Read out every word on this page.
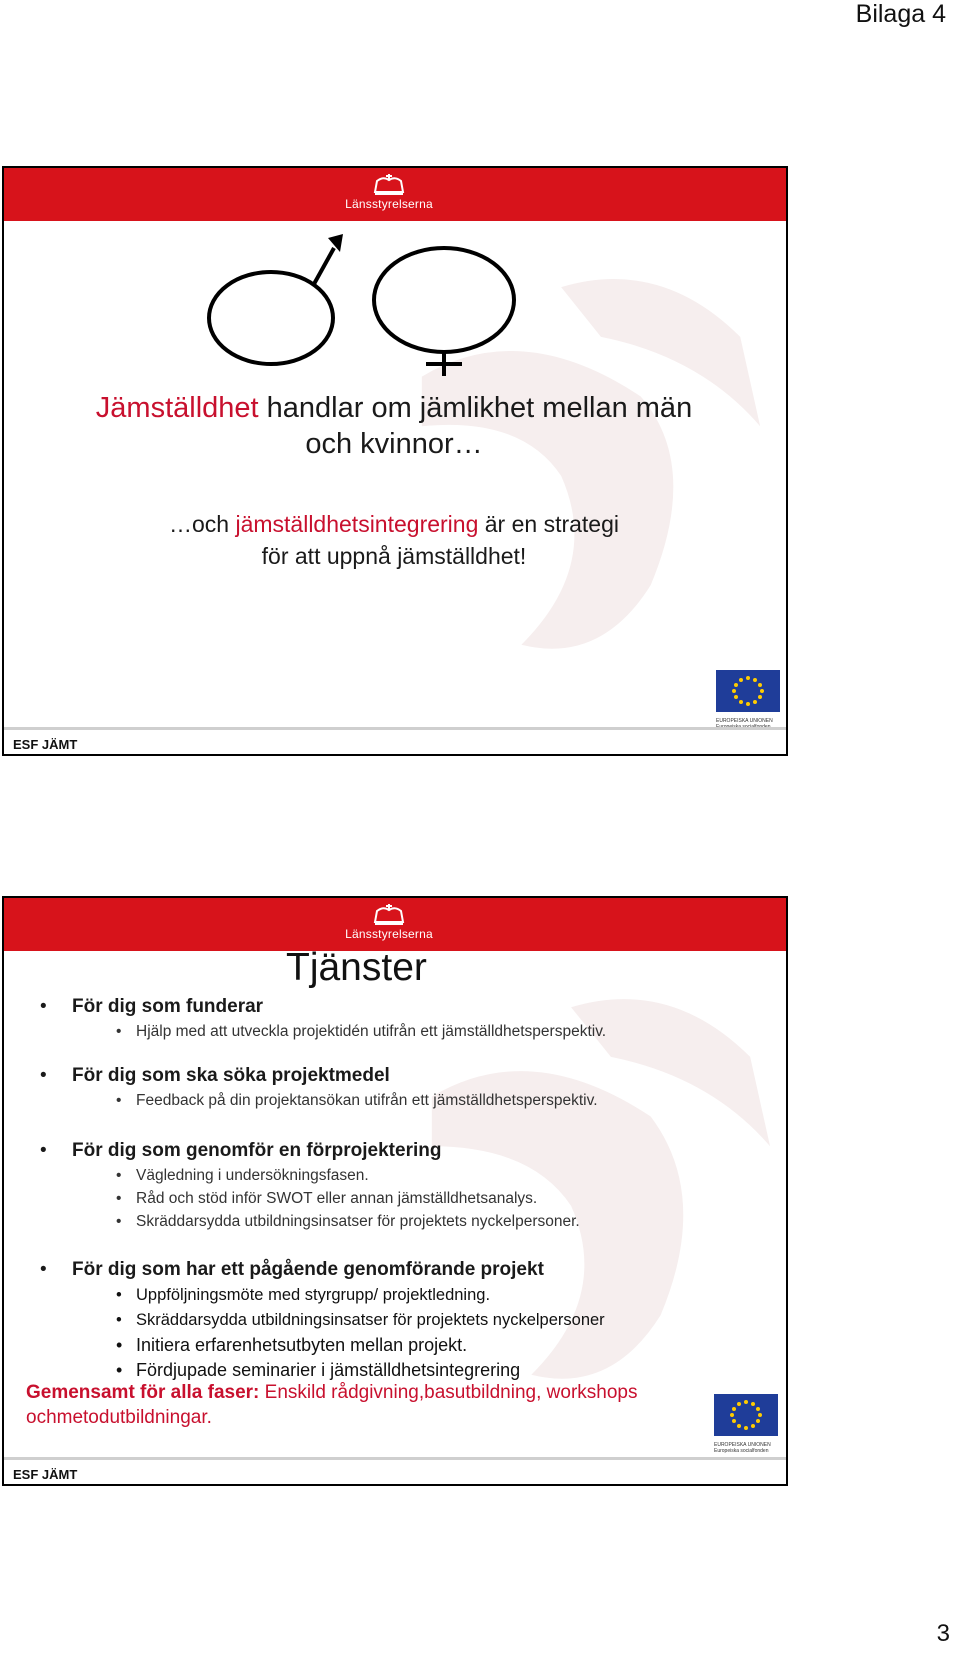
Bilaga 4
Länsstyrelserna
Jämställdhet handlar om jämlikhet mellan män
och kvinnor…
…och jämställdhetsintegrering är en strategi
för att uppnå jämställdhet!
EUROPEISKA UNIONEN
Europeiska socialfonden
ESF JÄMT
Länsstyrelserna
Tjänster
• För dig som funderar
• Hjälp med att utveckla projektidén utifrån ett jämställdhetsperspektiv.
• För dig som ska söka projektmedel
• Feedback på din projektansökan utifrån ett jämställdhetsperspektiv.
• För dig som genomför en förprojektering
• Vägledning i undersökningsfasen.
• Råd och stöd inför SWOT eller annan jämställdhetsanalys.
• Skräddarsydda utbildningsinsatser för projektets nyckelpersoner.
• För dig som har ett pågående genomförande projekt
• Uppföljningsmöte med styrgrupp/ projektledning.
• Skräddarsydda utbildningsinsatser för projektets nyckelpersoner
• Initiera erfarenhetsutbyten mellan projekt.
• Fördjupade seminarier i jämställdhetsintegrering
Gemensamt för alla faser: Enskild rådgivning,basutbildning, workshops ochmetodutbildningar.
EUROPEISKA UNIONEN
Europeiska socialfonden
ESF JÄMT
3
